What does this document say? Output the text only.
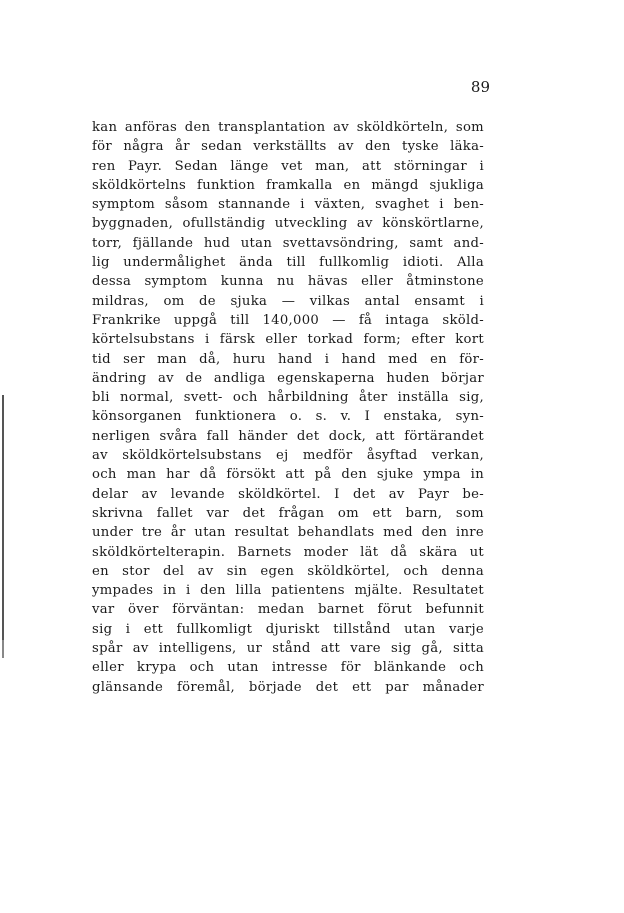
89
kan anföras den transplantation av sköldkörteln, som
för några år sedan verkställts av den tyske läka-
ren Payr. Sedan länge vet man, att störningar i
sköldkörtelns funktion framkalla en mängd sjukliga
symptom såsom stannande i växten, svaghet i ben-
byggnaden, ofullständig utveckling av könskörtlarne,
torr, fjällande hud utan svettavsöndring, samt and-
lig undermålighet ända till fullkomlig idioti. Alla
dessa symptom kunna nu hävas eller åtminstone
mildras, om de sjuka — vilkas antal ensamt i
Frankrike uppgå till 140,000 — få intaga sköld-
körtelsubstans i färsk eller torkad form; efter kort
tid ser man då, huru hand i hand med en för-
ändring av de andliga egenskaperna huden börjar
bli normal, svett- och hårbildning åter inställa sig,
könsorganen funktionera o. s. v. I enstaka, syn-
nerligen svåra fall händer det dock, att förtärandet
av sköldkörtelsubstans ej medför åsyftad verkan,
och man har då försökt att på den sjuke ympa in
delar av levande sköldkörtel. I det av Payr be-
skrivna fallet var det frågan om ett barn, som
under tre år utan resultat behandlats med den inre
sköldkörtelterapin. Barnets moder lät då skära ut
en stor del av sin egen sköldkörtel, och denna
ympades in i den lilla patientens mjälte. Resultatet
var över förväntan: medan barnet förut befunnit
sig i ett fullkomligt djuriskt tillstånd utan varje
spår av intelligens, ur stånd att vare sig gå, sitta
eller krypa och utan intresse för blänkande och
glänsande föremål, började det ett par månader
